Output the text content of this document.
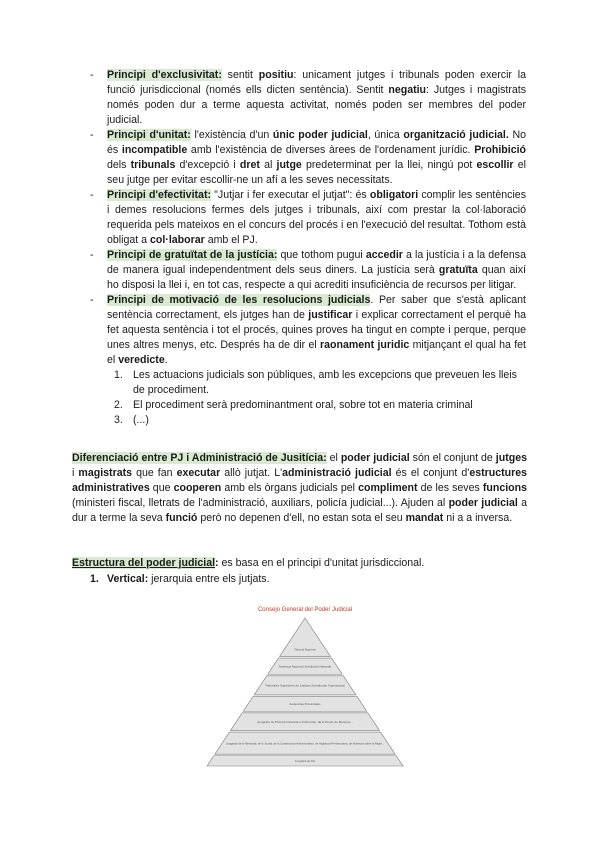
- Principi d'exclusivitat: sentit positiu: unicament jutges i tribunals poden exercir la funció jurisdiccional (només ells dicten sentència). Sentit negatiu: Jutges i magistrats només poden dur a terme aquesta activitat, només poden ser membres del poder judicial.
- Principi d'unitat: l'existència d'un únic poder judicial, única organització judicial. No és incompatible amb l'existència de diverses àrees de l'ordenament jurídic. Prohibició dels tribunals d'excepció i dret al jutge predeterminat per la llei, ningú pot escollir el seu jutge per evitar escollir-ne un afí a les seves necessitats.
- Principi d'efectivitat: "Jutjar i fer executar el jutjat": és obligatori complir les sentències i demes resolucions fermes dels jutges i tribunals, així com prestar la col·laboració requerida pels mateixos en el concurs del procés i en l'execució del resultat. Tothom està obligat a col·laborar amb el PJ.
- Principi de gratuïtat de la justícia: que tothom pugui accedir a la justícia i a la defensa de manera igual independentment dels seus diners. La justícia serà gratuïta quan així ho disposi la llei i, en tot cas, respecte a qui acrediti insuficiència de recursos per litigar.
- Principi de motivació de les resolucions judicials. Per saber que s'està aplicant sentència correctament, els jutges han de justificar i explicar correctament el perquè ha fet aquesta sentència i tot el procés, quines proves ha tingut en compte i perque, perque unes altres menys, etc. Després ha de dir el raonament juridic mitjançant el qual ha fet el veredicte.
1. Les actuacions judicials son públiques, amb les excepcions que preveuen les lleis de procediment.
2. El procediment serà predominantment oral, sobre tot en materia criminal
3. (...)

Diferenciació entre PJ i Administració de Jusitícia: el poder judicial són el conjunt de jutges i magistrats que fan executar allò jutjat. L'administració judicial és el conjunt d'estructures administratives que cooperen amb els òrgans judicials pel compliment de les seves funcions (ministeri fiscal, lletrats de l'administració, auxiliars, policía judicial...). Ajuden al poder judicial a dur a terme la seva funció però no depenen d'ell, no estan sota el seu mandat ni a a inversa.

Estructura del poder judicial: es basa en el principi d'unitat jurisdiccional.

1. Vertical: jerarquia entre els jutjats.
Consejo General del Poder Judicial
Tribunal Supremo
Audiencia Nacional (Jurisdicción Nacional)
Tribunales Superiores de Justicia (Jurisdicción Autonómica)
Audiencias Provinciales
Juzgados de Primera Instancia e Instrucción, de lo Penal, de Menores...
Juzgados de lo Mercantil, de lo Social, de lo Contencioso-Administrativo, de Vigilancia Penitenciaria, de Violencia sobre la Mujer...
Juzgados de Paz
